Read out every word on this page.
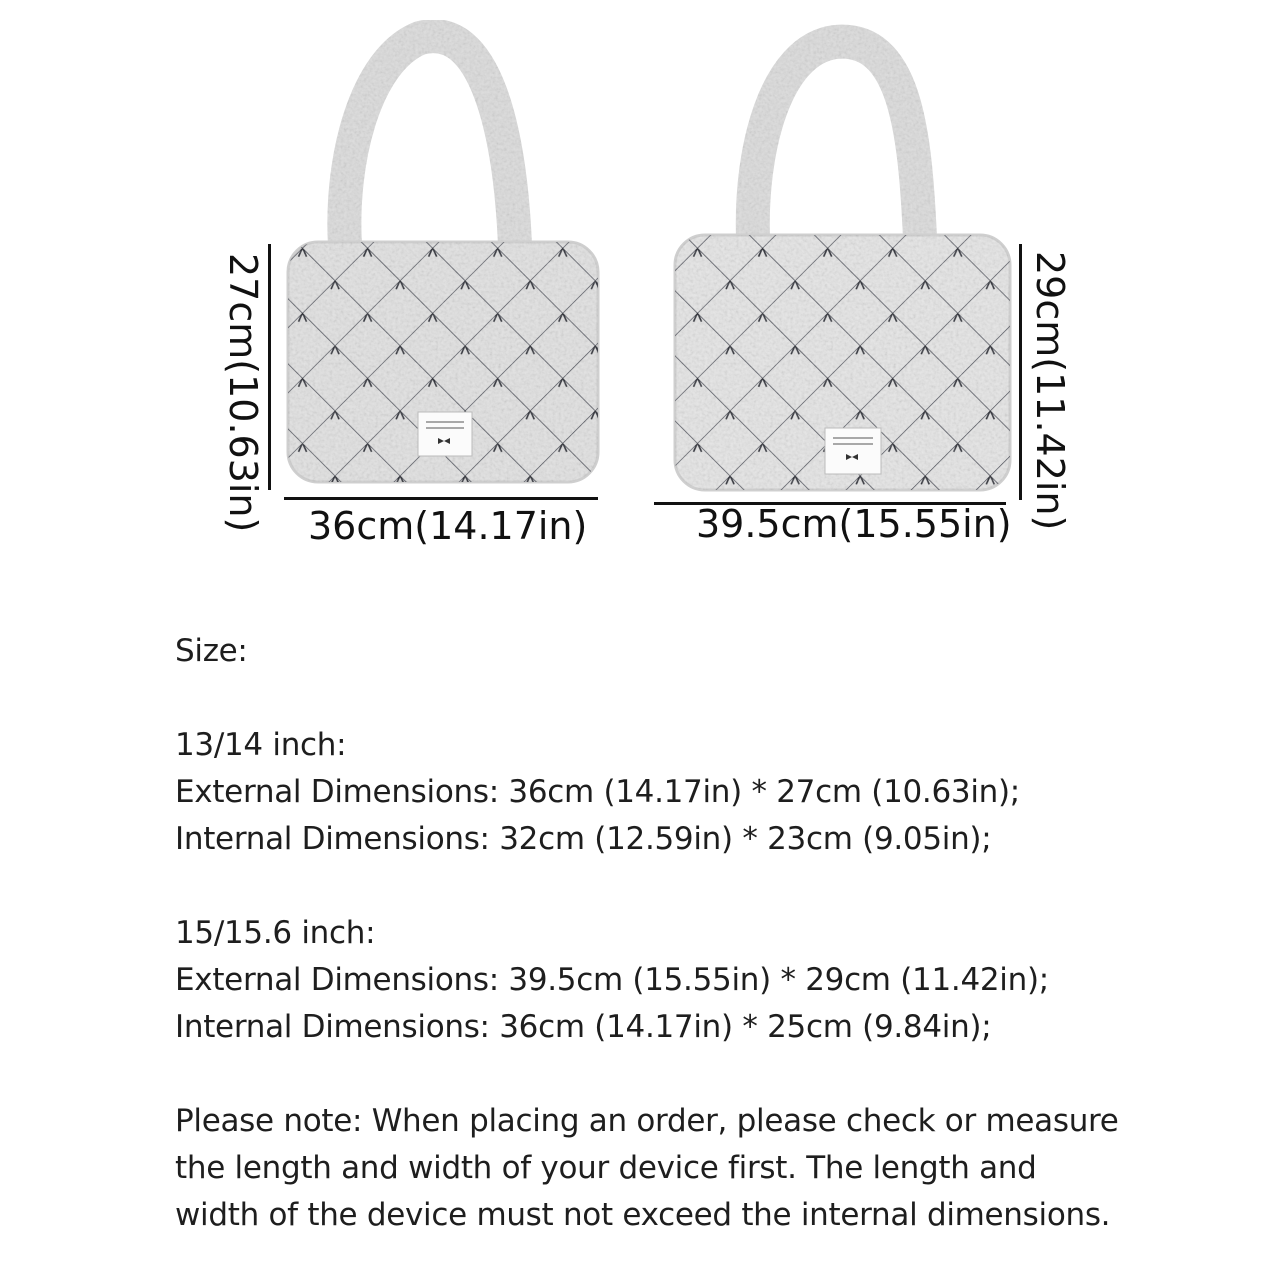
27cm(10.63in) 36cm(14.17in)	29cm(11.42in)
39.5cm(15.55in)

Size:

13/14 inch:

External Dimensions: 36cm (14.17in) * 27cm (10.63in);

Internal Dimensions: 32cm (12.59in) * 23cm (9.05in);

15/15.6 inch:

External Dimensions: 39.5cm (15.55in) * 29cm (11.42in);

Internal Dimensions: 36cm (14.17in) * 25cm (9.84in);

Please note: When placing an order, please check or measure

the length and width of your device first. The length and

width of the device must not exceed the internal dimensions.
